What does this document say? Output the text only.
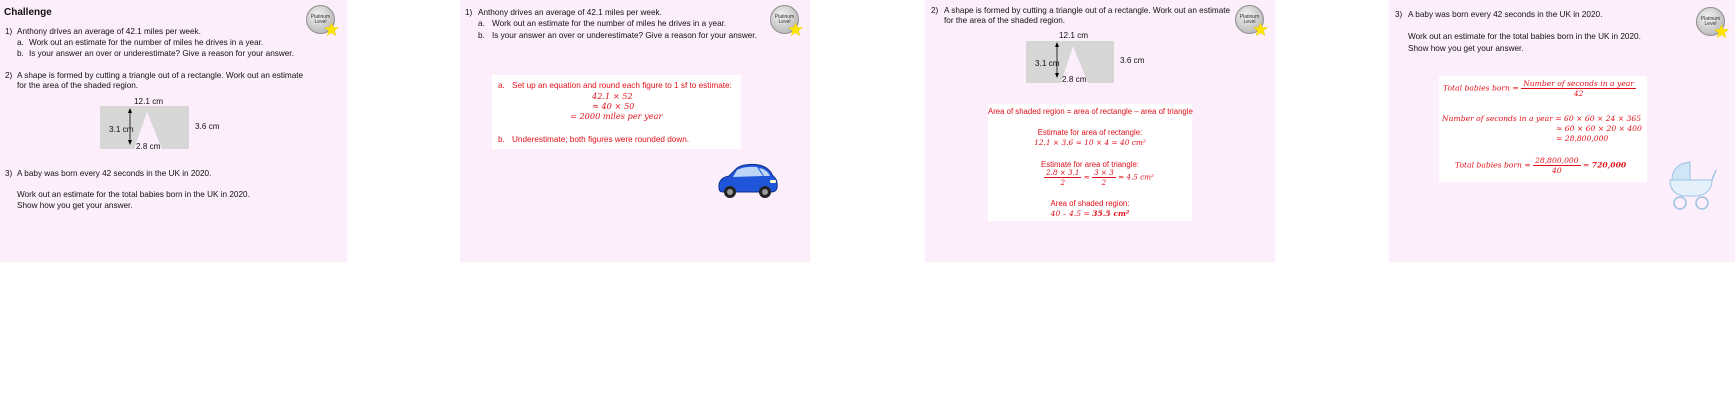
Challenge	Platinum Level
1) Anthony drives an average of 42.1 miles per week.
a. Work out an estimate for the number of miles he drives in a year.
b. Is your answer an over or underestimate? Give a reason for your answer.
2) A shape is formed by cutting a triangle out of a rectangle. Work out an estimate
for the area of the shaded region.
12.1 cm
3.1 cm	3.6 cm
2.8 cm
3) A baby was born every 42 seconds in the UK in 2020.
Work out an estimate for the total babies born in the UK in 2020.
Show how you get your answer.
Platinum Level
1) Anthony drives an average of 42.1 miles per week.
a. Work out an estimate for the number of miles he drives in a year.
b. Is your answer an over or underestimate? Give a reason for your answer.
a. Set up an equation and round each figure to 1 sf to estimate:
42.1 × 52
≈ 40 × 50
= 2000 miles per year
b. Underestimate; both figures were rounded down.
Platinum Level
2) A shape is formed by cutting a triangle out of a rectangle. Work out an estimate
for the area of the shaded region.
12.1 cm
3.1 cm	3.6 cm
2.8 cm
Area of shaded region = area of rectangle – area of triangle
Estimate for area of rectangle:
12.1 × 3.6 ≈ 10 × 4 = 40 cm²
Estimate for area of triangle:
$\frac{2.8 \times 3.1}{2} \approx \frac{3 \times 3}{2} = 4.5$ cm²
Area of shaded region:
40 – 4.5 = 35.5 cm²
Platinum Level
3) A baby was born every 42 seconds in the UK in 2020.
Work out an estimate for the total babies born in the UK in 2020.
Show how you get your answer.
Total babies born = $\frac{\text{Number of seconds in a year}}{42}$
Number of seconds in a year = 60 × 60 × 24 × 365
≈ 60 × 60 × 20 × 400
= 28,800,000
Total babies born ≈ $\frac{28,800,000}{40} = 720,000$
